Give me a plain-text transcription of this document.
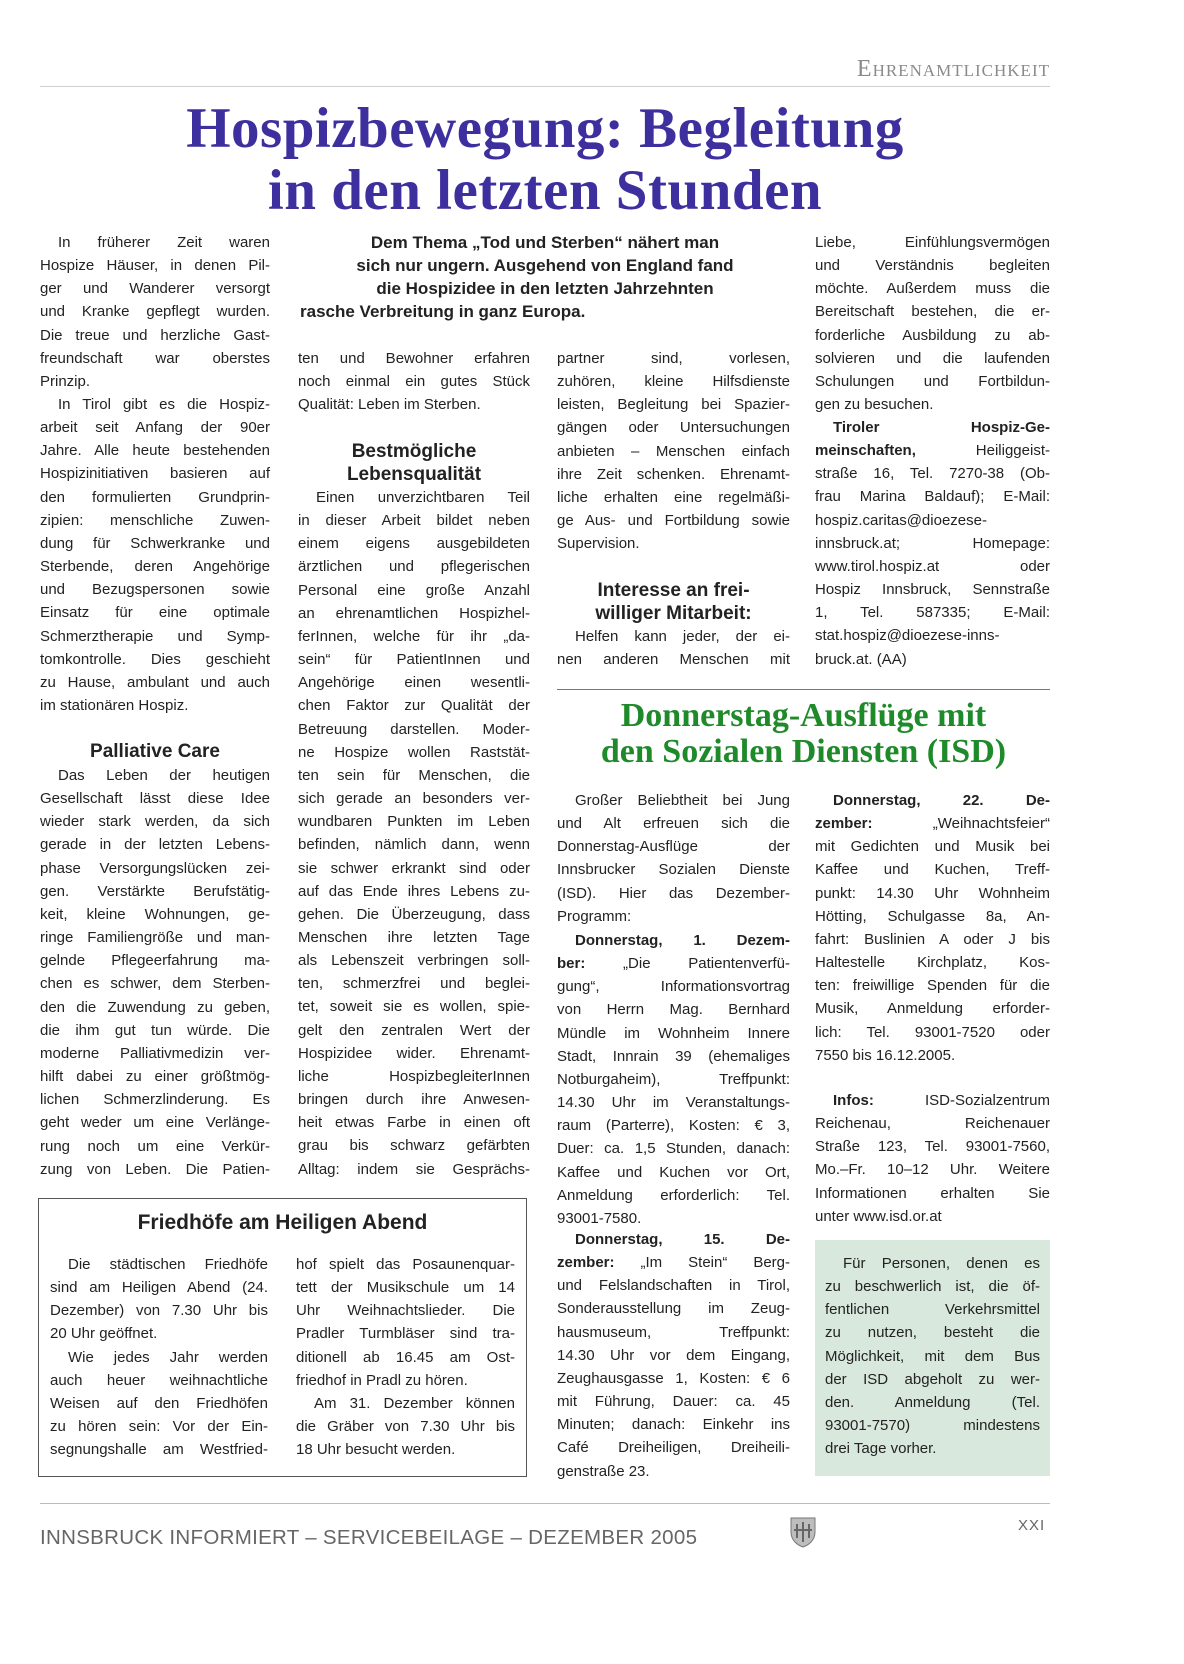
Ehrenamtlichkeit
Hospizbewegung: Begleitung
in den letzten Stunden
Dem Thema „Tod und Sterben“ nähert man
sich nur ungern. Ausgehend von England fand
die Hospizidee in den letzten Jahrzehnten
rasche Verbreitung in ganz Europa.
In früherer Zeit waren
Hospize Häuser, in denen Pil-
ger und Wanderer versorgt
und Kranke gepflegt wurden.
Die treue und herzliche Gast-
freundschaft war oberstes
Prinzip.
In Tirol gibt es die Hospiz-
arbeit seit Anfang der 90er
Jahre. Alle heute bestehenden
Hospizinitiativen basieren auf
den formulierten Grundprin-
zipien: menschliche Zuwen-
dung für Schwerkranke und
Sterbende, deren Angehörige
und Bezugspersonen sowie
Einsatz für eine optimale
Schmerztherapie und Symp-
tomkontrolle. Dies geschieht
zu Hause, ambulant und auch
im stationären Hospiz.
Palliative Care
Das Leben der heutigen
Gesellschaft lässt diese Idee
wieder stark werden, da sich
gerade in der letzten Lebens-
phase Versorgungslücken zei-
gen. Verstärkte Berufstätig-
keit, kleine Wohnungen, ge-
ringe Familiengröße und man-
gelnde Pflegeerfahrung ma-
chen es schwer, dem Sterben-
den die Zuwendung zu geben,
die ihm gut tun würde. Die
moderne Palliativmedizin ver-
hilft dabei zu einer größtmög-
lichen Schmerzlinderung. Es
geht weder um eine Verlänge-
rung noch um eine Verkür-
zung von Leben. Die Patien-
ten und Bewohner erfahren
noch einmal ein gutes Stück
Qualität: Leben im Sterben.
Bestmögliche
Lebensqualität
Einen unverzichtbaren Teil
in dieser Arbeit bildet neben
einem eigens ausgebildeten
ärztlichen und pflegerischen
Personal eine große Anzahl
an ehrenamtlichen Hospizhel-
ferInnen, welche für ihr „da-
sein“ für PatientInnen und
Angehörige einen wesentli-
chen Faktor zur Qualität der
Betreuung darstellen. Moder-
ne Hospize wollen Raststät-
ten sein für Menschen, die
sich gerade an besonders ver-
wundbaren Punkten im Leben
befinden, nämlich dann, wenn
sie schwer erkrankt sind oder
auf das Ende ihres Lebens zu-
gehen. Die Überzeugung, dass
Menschen ihre letzten Tage
als Lebenszeit verbringen soll-
ten, schmerzfrei und beglei-
tet, soweit sie es wollen, spie-
gelt den zentralen Wert der
Hospizidee wider. Ehrenamt-
liche HospizbegleiterInnen
bringen durch ihre Anwesen-
heit etwas Farbe in einen oft
grau bis schwarz gefärbten
Alltag: indem sie Gesprächs-
partner sind, vorlesen,
zuhören, kleine Hilfsdienste
leisten, Begleitung bei Spazier-
gängen oder Untersuchungen
anbieten – Menschen einfach
ihre Zeit schenken. Ehrenamt-
liche erhalten eine regelmäßi-
ge Aus- und Fortbildung sowie
Supervision.
Interesse an frei-
williger Mitarbeit:
Helfen kann jeder, der ei-
nen anderen Menschen mit
Liebe, Einfühlungsvermögen
und Verständnis begleiten
möchte. Außerdem muss die
Bereitschaft bestehen, die er-
forderliche Ausbildung zu ab-
solvieren und die laufenden
Schulungen und Fortbildun-
gen zu besuchen.
Tiroler Hospiz-Ge-
meinschaften, Heiliggeist-
straße 16, Tel. 7270-38 (Ob-
frau Marina Baldauf); E-Mail:
hospiz.caritas@dioezese-
innsbruck.at; Homepage:
www.tirol.hospiz.at oder
Hospiz Innsbruck, Sennstraße
1, Tel. 587335; E-Mail:
stat.hospiz@dioezese-inns-
bruck.at. (AA)
Donnerstag-Ausflüge mit
den Sozialen Diensten (ISD)
Großer Beliebtheit bei Jung
und Alt erfreuen sich die
Donnerstag-Ausflüge der
Innsbrucker Sozialen Dienste
(ISD). Hier das Dezember-
Programm:
Donnerstag, 1. Dezem-
ber: „Die Patientenverfü-
gung“, Informationsvortrag
von Herrn Mag. Bernhard
Mündle im Wohnheim Innere
Stadt, Innrain 39 (ehemaliges
Notburgaheim), Treffpunkt:
14.30 Uhr im Veranstaltungs-
raum (Parterre), Kosten: € 3,
Duer: ca. 1,5 Stunden, danach:
Kaffee und Kuchen vor Ort,
Anmeldung erforderlich: Tel.
93001-7580.
Donnerstag, 15. De-
zember: „Im Stein“ Berg-
und Felslandschaften in Tirol,
Sonderausstellung im Zeug-
hausmuseum, Treffpunkt:
14.30 Uhr vor dem Eingang,
Zeughausgasse 1, Kosten: € 6
mit Führung, Dauer: ca. 45
Minuten; danach: Einkehr ins
Café Dreiheiligen, Dreiheili-
genstraße 23.
Donnerstag, 22. De-
zember: „Weihnachtsfeier“
mit Gedichten und Musik bei
Kaffee und Kuchen, Treff-
punkt: 14.30 Uhr Wohnheim
Hötting, Schulgasse 8a, An-
fahrt: Buslinien A oder J bis
Haltestelle Kirchplatz, Kos-
ten: freiwillige Spenden für die
Musik, Anmeldung erforder-
lich: Tel. 93001-7520 oder
7550 bis 16.12.2005.
Infos: ISD-Sozialzentrum
Reichenau, Reichenauer
Straße 123, Tel. 93001-7560,
Mo.–Fr. 10–12 Uhr. Weitere
Informationen erhalten Sie
unter www.isd.or.at
Für Personen, denen es
zu beschwerlich ist, die öf-
fentlichen Verkehrsmittel
zu nutzen, besteht die
Möglichkeit, mit dem Bus
der ISD abgeholt zu wer-
den. Anmeldung (Tel.
93001-7570) mindestens
drei Tage vorher.
Friedhöfe am Heiligen Abend
Die städtischen Friedhöfe
sind am Heiligen Abend (24.
Dezember) von 7.30 Uhr bis
20 Uhr geöffnet.
Wie jedes Jahr werden
auch heuer weihnachtliche
Weisen auf den Friedhöfen
zu hören sein: Vor der Ein-
segnungshalle am Westfried-
hof spielt das Posaunenquar-
tett der Musikschule um 14
Uhr Weihnachtslieder. Die
Pradler Turmbläser sind tra-
ditionell ab 16.45 am Ost-
friedhof in Pradl zu hören.
Am 31. Dezember können
die Gräber von 7.30 Uhr bis
18 Uhr besucht werden.
INNSBRUCK INFORMIERT – SERVICEBEILAGE – DEZEMBER 2005
XXI
